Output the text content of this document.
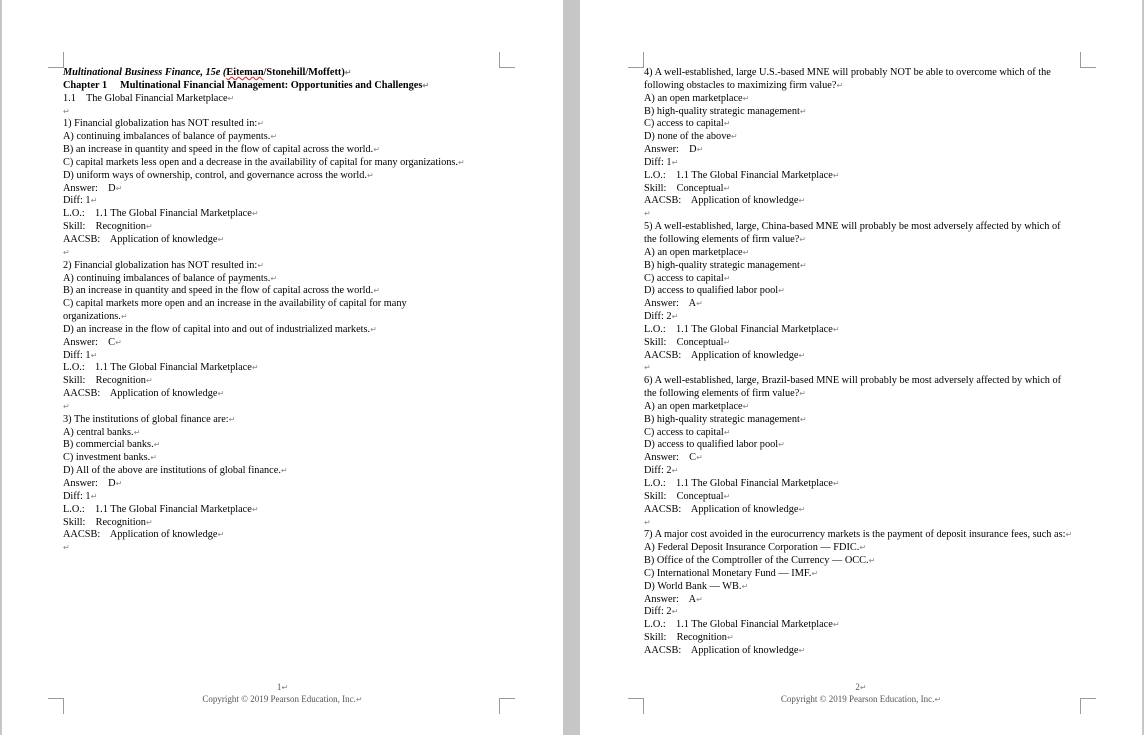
Multinational Business Finance, 15e (Eiteman/Stonehill/Moffett)↵
Chapter 1 Multinational Financial Management: Opportunities and Challenges↵
1.1    The Global Financial Marketplace↵
↵
1) Financial globalization has NOT resulted in:↵
A) continuing imbalances of balance of payments.↵
B) an increase in quantity and speed in the flow of capital across the world.↵
C) capital markets less open and a decrease in the availability of capital for many organizations.↵
D) uniform ways of ownership, control, and governance across the world.↵
Answer:    D↵
Diff: 1↵
L.O.:    1.1 The Global Financial Marketplace↵
Skill:    Recognition↵
AACSB:    Application of knowledge↵
↵
2) Financial globalization has NOT resulted in:↵
A) continuing imbalances of balance of payments.↵
B) an increase in quantity and speed in the flow of capital across the world.↵
C) capital markets more open and an increase in the availability of capital for many organizations.↵
D) an increase in the flow of capital into and out of industrialized markets.↵
Answer:    C↵
Diff: 1↵
L.O.:    1.1 The Global Financial Marketplace↵
Skill:    Recognition↵
AACSB:    Application of knowledge↵
↵
3) The institutions of global finance are:↵
A) central banks.↵
B) commercial banks.↵
C) investment banks.↵
D) All of the above are institutions of global finance.↵
Answer:    D↵
Diff: 1↵
L.O.:    1.1 The Global Financial Marketplace↵
Skill:    Recognition↵
AACSB:    Application of knowledge↵
↵
1↵
Copyright © 2019 Pearson Education, Inc.↵
4) A well-established, large U.S.-based MNE will probably NOT be able to overcome which of the following obstacles to maximizing firm value?↵
A) an open marketplace↵
B) high-quality strategic management↵
C) access to capital↵
D) none of the above↵
Answer:    D↵
Diff: 1↵
L.O.:    1.1 The Global Financial Marketplace↵
Skill:    Conceptual↵
AACSB:    Application of knowledge↵
↵
5) A well-established, large, China-based MNE will probably be most adversely affected by which of the following elements of firm value?↵
A) an open marketplace↵
B) high-quality strategic management↵
C) access to capital↵
D) access to qualified labor pool↵
Answer:    A↵
Diff: 2↵
L.O.:    1.1 The Global Financial Marketplace↵
Skill:    Conceptual↵
AACSB:    Application of knowledge↵
↵
6) A well-established, large, Brazil-based MNE will probably be most adversely affected by which of the following elements of firm value?↵
A) an open marketplace↵
B) high-quality strategic management↵
C) access to capital↵
D) access to qualified labor pool↵
Answer:    C↵
Diff: 2↵
L.O.:    1.1 The Global Financial Marketplace↵
Skill:    Conceptual↵
AACSB:    Application of knowledge↵
↵
7) A major cost avoided in the eurocurrency markets is the payment of deposit insurance fees, such as:↵
A) Federal Deposit Insurance Corporation — FDIC.↵
B) Office of the Comptroller of the Currency — OCC.↵
C) International Monetary Fund — IMF.↵
D) World Bank — WB.↵
Answer:    A↵
Diff: 2↵
L.O.:    1.1 The Global Financial Marketplace↵
Skill:    Recognition↵
AACSB:    Application of knowledge↵
2↵
Copyright © 2019 Pearson Education, Inc.↵
